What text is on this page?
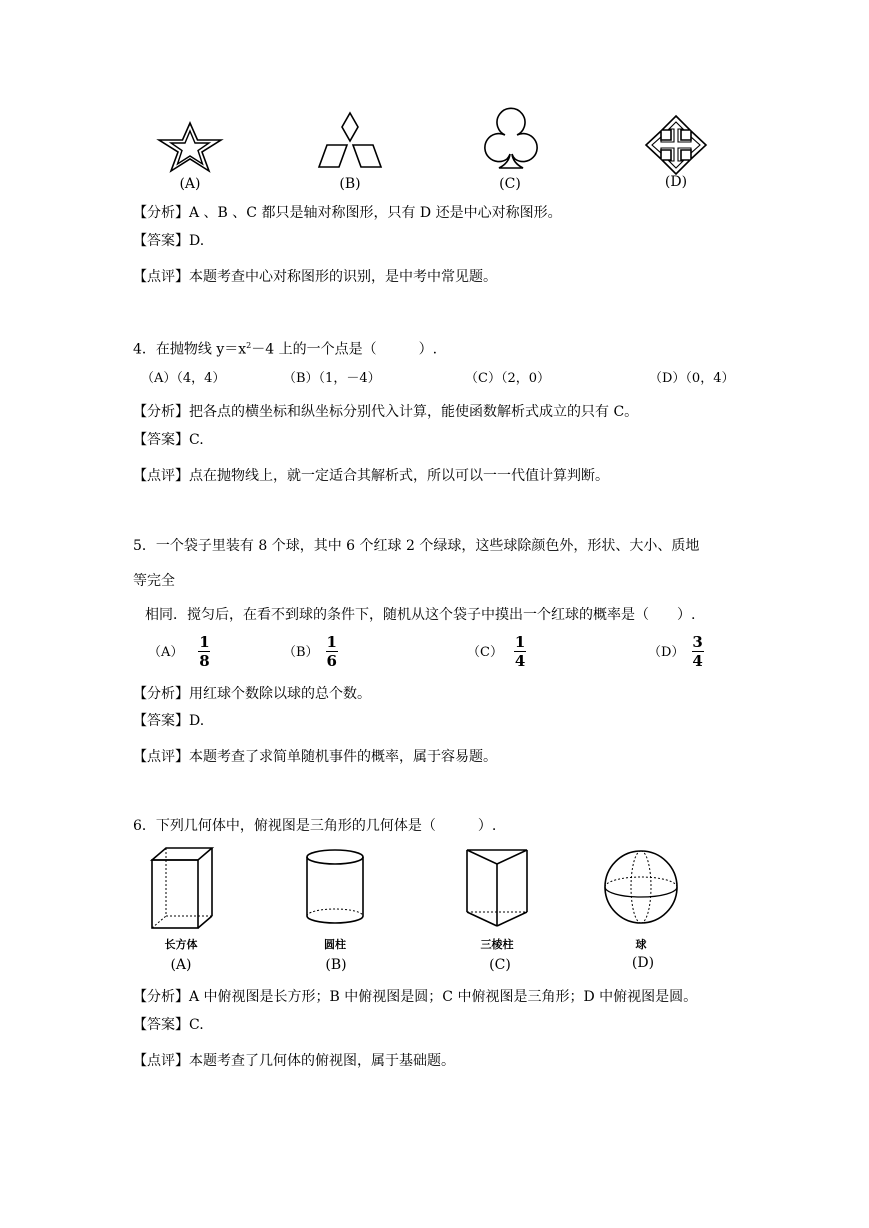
(A)	(B)	(C)	(D)
【分析】A 、B 、C 都只是轴对称图形，只有 D 还是中心对称图形。
【答案】D.
【点评】本题考查中心对称图形的识别，是中考中常见题。
4．在抛物线 $y=x^2-4$ 上的一个点是（　　　）.
（A）（4，4）	（B）（1，－4）	（C）（2，0）	（D）（0，4）
【分析】把各点的横坐标和纵坐标分别代入计算，能使函数解析式成立的只有 C。
【答案】C.
【点评】点在抛物线上，就一定适合其解析式，所以可以一一代值计算判断。
5．一个袋子里装有 8 个球，其中 6 个红球 2 个绿球，这些球除颜色外，形状、大小、质地
等完全
相同．搅匀后，在看不到球的条件下，随机从这个袋子中摸出一个红球的概率是（　　）.
$(A) \frac{1}{8}$	$(B) \frac{1}{6}$	$(C) \frac{1}{4}$	$(D) \frac{3}{4}$
【分析】用红球个数除以球的总个数。
【答案】D.
【点评】本题考查了求简单随机事件的概率，属于容易题。
6．下列几何体中，俯视图是三角形的几何体是（　　　）.
长方体
(A)
圆柱
(B)
三棱柱
(C)
球
(D)
【分析】A 中俯视图是长方形；B 中俯视图是圆；C 中俯视图是三角形；D 中俯视图是圆。
【答案】C.
【点评】本题考查了几何体的俯视图，属于基础题。
